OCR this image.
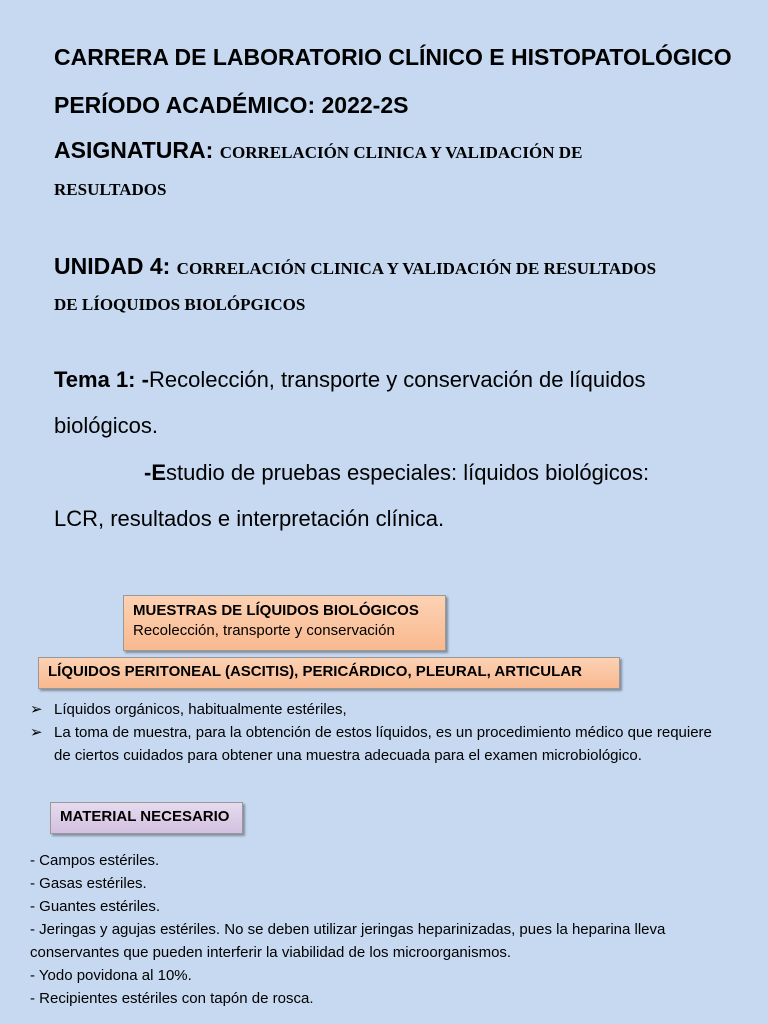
CARRERA DE LABORATORIO CLÍNICO E HISTOPATOLÓGICO
PERÍODO ACADÉMICO: 2022-2S
ASIGNATURA: CORRELACIÓN CLINICA Y VALIDACIÓN DE
RESULTADOS
UNIDAD 4: CORRELACIÓN CLINICA Y VALIDACIÓN DE RESULTADOS
DE LÍOQUIDOS BIOLÓPGICOS
Tema 1: -Recolección, transporte y conservación de líquidos
biológicos.
-Estudio de pruebas especiales: líquidos biológicos:
LCR, resultados e interpretación clínica.
MUESTRAS DE LÍQUIDOS BIOLÓGICOS
Recolección, transporte y conservación
LÍQUIDOS PERITONEAL (ASCITIS), PERICÁRDICO, PLEURAL, ARTICULAR
➢ Líquidos orgánicos, habitualmente estériles,
➢ La toma de muestra, para la obtención de estos líquidos, es un procedimiento médico que requiere de ciertos cuidados para obtener una muestra adecuada para el examen microbiológico.
MATERIAL NECESARIO
- Campos estériles.
- Gasas estériles.
- Guantes estériles.
- Jeringas y agujas estériles. No se deben utilizar jeringas heparinizadas, pues la heparina lleva conservantes que pueden interferir la viabilidad de los microorganismos.
- Yodo povidona al 10%.
- Recipientes estériles con tapón de rosca.
